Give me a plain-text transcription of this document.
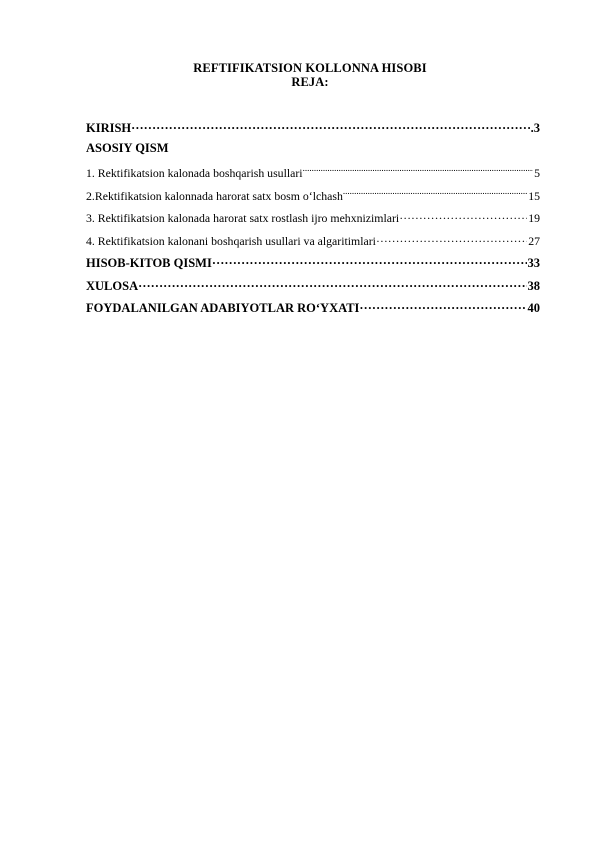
REFTIFIKATSION KOLLONNA HISOBI
REJA:
KIRISH ……………………………………………………………………………………………………………………………………………………………………………………	.3
ASOSIY QISM
1. Rektifikatsion kalonada boshqarish usullari .....	5
2.Rektifikatsion kalonnada harorat satx bosm o‘lchash .....	15
3. Rektifikatsion kalonada harorat satx rostlash ijro mehxnizimlari ……………………………………………………………………………………………………………………………………………………………………………………	19
4. Rektifikatsion kalonani boshqarish usullari va algaritimlari ……………………………………………………………………………………………………………………………………………………………………………………	27
HISOB-KITOB QISMI ……………………………………………………………………………………………………………………………………………………………………………………	33
XULOSA ……………………………………………………………………………………………………………………………………………………………………………………	38
FOYDALANILGAN ADABIYOTLAR RO‘YXATI ……………………………………………………………………………………………………………………………………………………………………………………	40
